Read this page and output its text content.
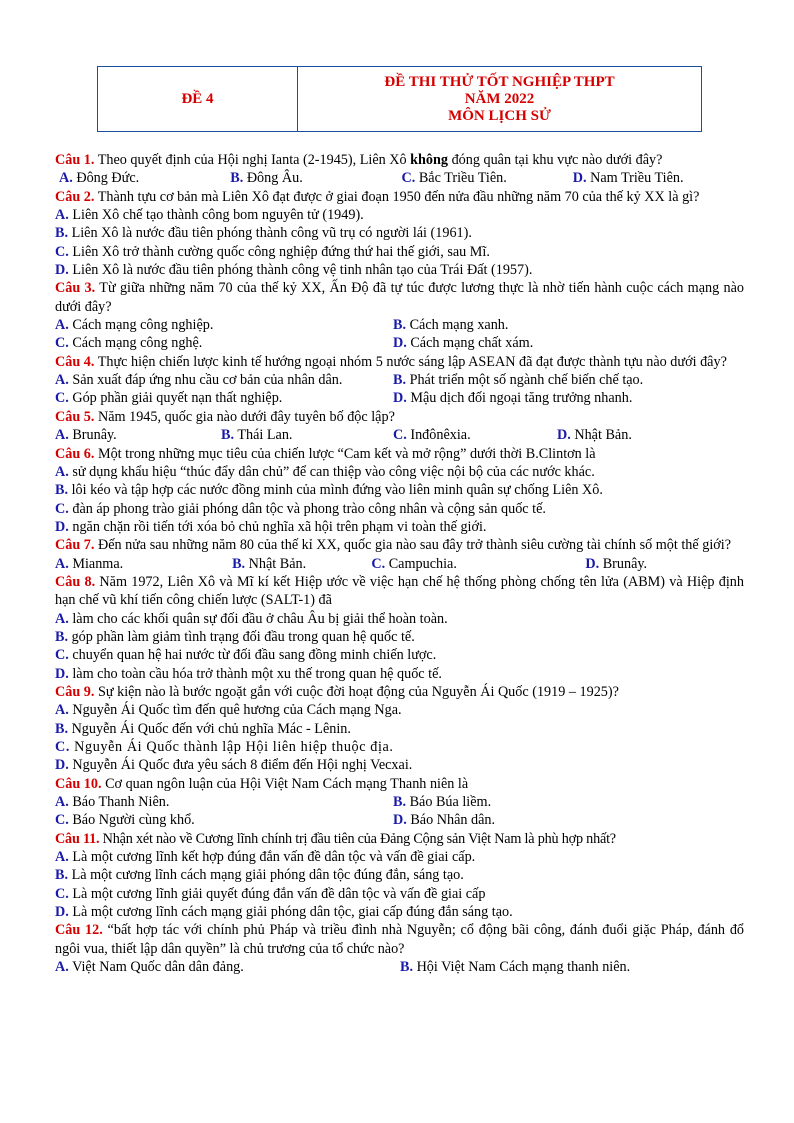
ĐỀ 4
ĐỀ THI THỬ TỐT NGHIỆP THPT
NĂM 2022
MÔN LỊCH SỬ
Câu 1. Theo quyết định của Hội nghị Ianta (2-1945), Liên Xô không đóng quân tại khu vực nào dưới đây?
A. Đông Đức.	B. Đông Âu.	C. Bắc Triều Tiên.	D. Nam Triều Tiên.
Câu 2. Thành tựu cơ bản mà Liên Xô đạt được ở giai đoạn 1950 đến nửa đầu những năm 70 của thế kỷ XX là gì?
A. Liên Xô chế tạo thành công bom nguyên tử (1949).
B. Liên Xô là nước đầu tiên phóng thành công vũ trụ có người lái (1961).
C. Liên Xô trở thành cường quốc công nghiệp đứng thứ hai thế giới, sau Mĩ.
D. Liên Xô là nước đầu tiên phóng thành công vệ tinh nhân tạo của Trái Đất (1957).
Câu 3. Từ giữa những năm 70 của thế kỷ XX, Ấn Độ đã tự túc được lương thực là nhờ tiến hành cuộc cách mạng nào dưới đây?
A. Cách mạng công nghiệp.	B. Cách mạng xanh.
C. Cách mạng công nghệ.	D. Cách mạng chất xám.
Câu 4. Thực hiện chiến lược kinh tế hướng ngoại nhóm 5 nước sáng lập ASEAN đã đạt được thành tựu nào dưới đây?
A. Sản xuất đáp ứng nhu cầu cơ bản của nhân dân.	B. Phát triển một số ngành chế biến chế tạo.
C. Góp phần giải quyết nạn thất nghiệp.	D. Mậu dịch đối ngoại tăng trưởng nhanh.
Câu 5. Năm 1945, quốc gia nào dưới đây tuyên bố độc lập?
A. Brunây.	B. Thái Lan.	C. Inđônêxia.	D. Nhật Bản.
Câu 6. Một trong những mục tiêu của chiến lược “Cam kết và mở rộng” dưới thời B.Clintơn là
A. sử dụng khẩu hiệu “thúc đẩy dân chủ” để can thiệp vào công việc nội bộ của các nước khác.
B. lôi kéo và tập hợp các nước đồng minh của mình đứng vào liên minh quân sự chống Liên Xô.
C. đàn áp phong trào giải phóng dân tộc và phong trào công nhân và cộng sản quốc tế.
D. ngăn chặn rồi tiến tới xóa bỏ chủ nghĩa xã hội trên phạm vi toàn thế giới.
Câu 7. Đến nửa sau những năm 80 của thế kỉ XX, quốc gia nào sau đây trở thành siêu cường tài chính số một thế giới?
A. Mianma.	B. Nhật Bản.	C. Campuchia.	D. Brunây.
Câu 8. Năm 1972, Liên Xô và Mĩ kí kết Hiệp ước về việc hạn chế hệ thống phòng chống tên lửa (ABM) và Hiệp định hạn chế vũ khí tiến công chiến lược (SALT-1) đã
A. làm cho các khối quân sự đối đầu ở châu Âu bị giải thể hoàn toàn.
B. góp phần làm giảm tình trạng đối đầu trong quan hệ quốc tế.
C. chuyển quan hệ hai nước từ đối đầu sang đồng minh chiến lược.
D. làm cho toàn cầu hóa trở thành một xu thế trong quan hệ quốc tế.
Câu 9. Sự kiện nào là bước ngoặt gắn với cuộc đời hoạt động của Nguyễn Ái Quốc (1919 – 1925)?
A. Nguyễn Ái Quốc tìm đến quê hương của Cách mạng Nga.
B. Nguyễn Ái Quốc đến với chủ nghĩa Mác - Lênin.
C. Nguyễn Ái Quốc thành lập Hội liên hiệp thuộc địa.
D. Nguyễn Ái Quốc đưa yêu sách 8 điểm đến Hội nghị Vecxai.
Câu 10. Cơ quan ngôn luận của Hội Việt Nam Cách mạng Thanh niên là
A. Báo Thanh Niên.	B. Báo Búa liềm.
C. Báo Người cùng khổ.	D. Báo Nhân dân.
Câu 11. Nhận xét nào về Cương lĩnh chính trị đầu tiên của Đảng Cộng sản Việt Nam là phù hợp nhất?
A. Là một cương lĩnh kết hợp đúng đắn vấn đề dân tộc và vấn đề giai cấp.
B. Là một cương lĩnh cách mạng giải phóng dân tộc đúng đắn, sáng tạo.
C. Là một cương lĩnh giải quyết đúng đắn vấn đề dân tộc và vấn đề giai cấp
D. Là một cương lĩnh cách mạng giải phóng dân tộc, giai cấp đúng đắn sáng tạo.
Câu 12. “bất hợp tác với chính phủ Pháp và triều đình nhà Nguyễn; cổ động bãi công, đánh đuổi giặc Pháp, đánh đổ ngôi vua, thiết lập dân quyền” là chủ trương của tổ chức nào?
A. Việt Nam Quốc dân dân đảng.	B. Hội Việt Nam Cách mạng thanh niên.
